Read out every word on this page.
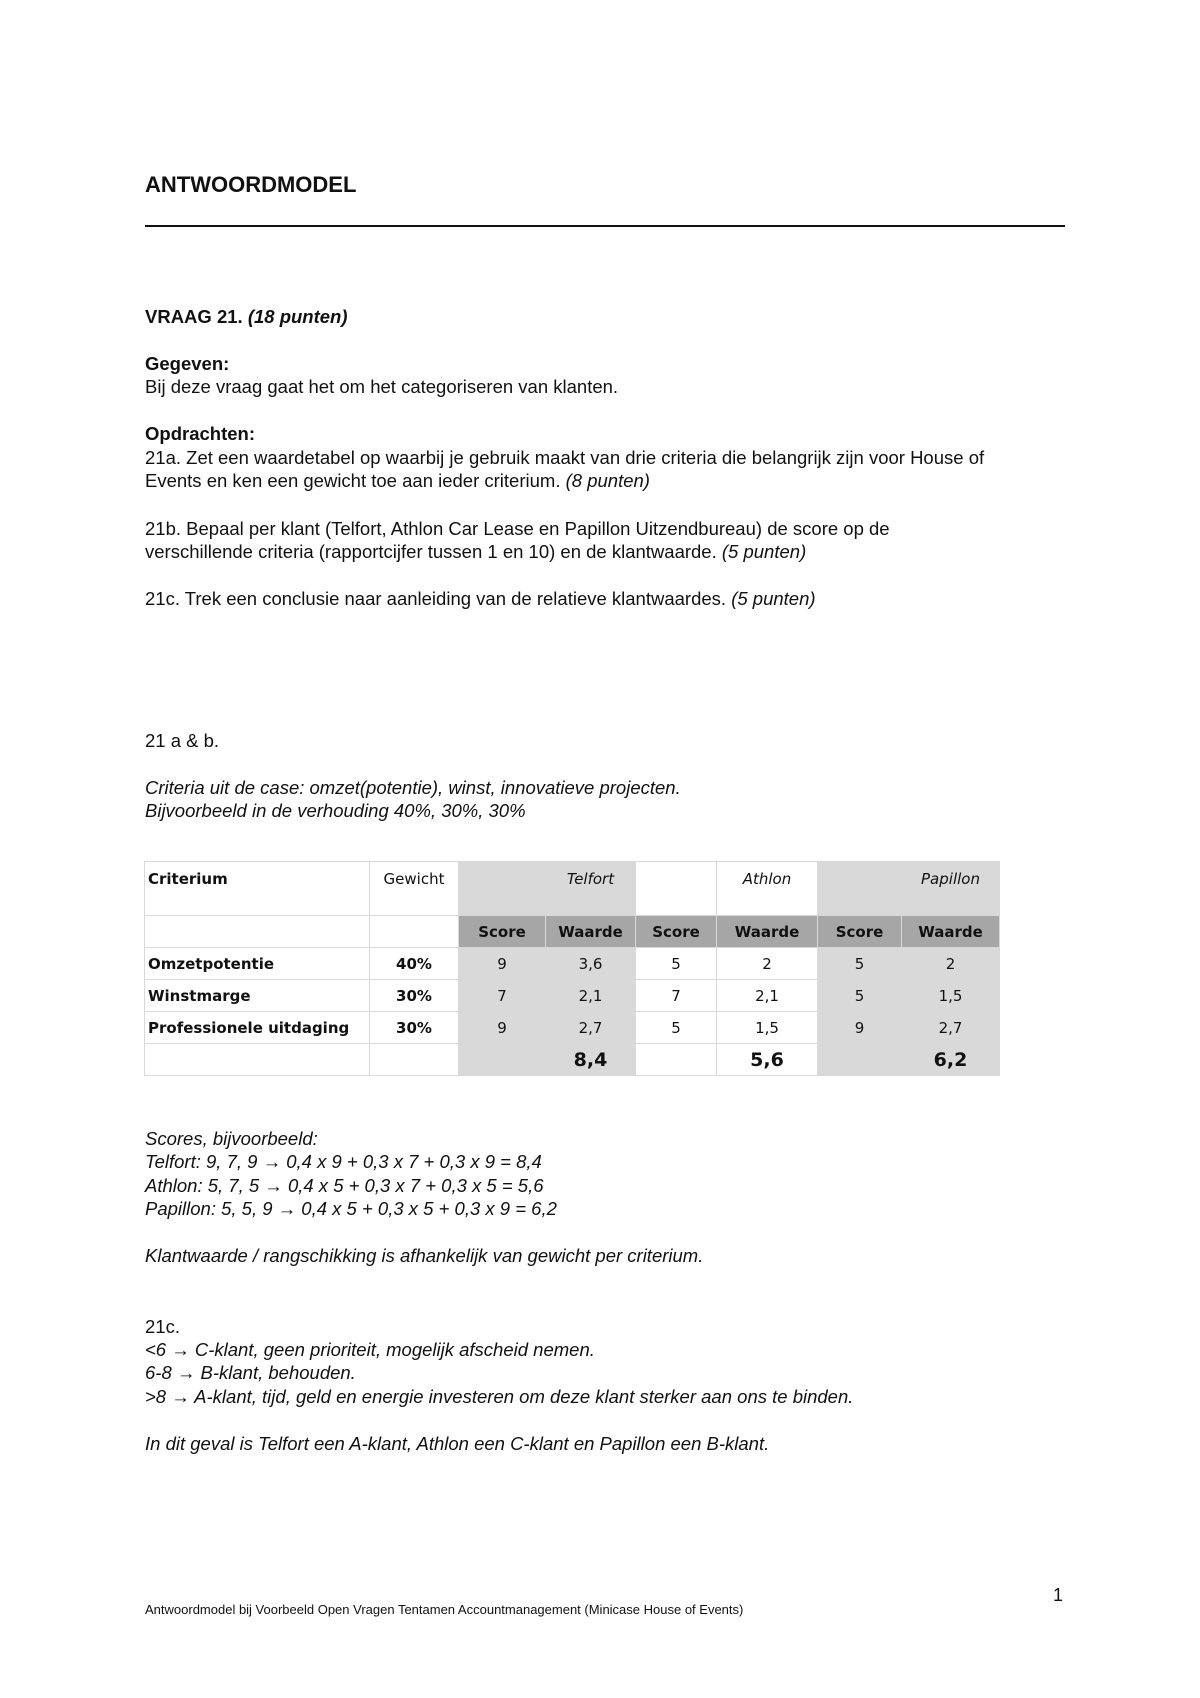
ANTWOORDMODEL
VRAAG 21. (18 punten)
Gegeven:
Bij deze vraag gaat het om het categoriseren van klanten.
Opdrachten:
21a. Zet een waardetabel op waarbij je gebruik maakt van drie criteria die belangrijk zijn voor House of
Events en ken een gewicht toe aan ieder criterium. (8 punten)
21b. Bepaal per klant (Telfort, Athlon Car Lease en Papillon Uitzendbureau) de score op de
verschillende criteria (rapportcijfer tussen 1 en 10) en de klantwaarde. (5 punten)
21c. Trek een conclusie naar aanleiding van de relatieve klantwaardes. (5 punten)
21 a & b.
Criteria uit de case: omzet(potentie), winst, innovatieve projecten.
Bijvoorbeeld in de verhouding 40%, 30%, 30%
Criterium	Gewicht		Telfort		Athlon		Papillon
		Score	Waarde	Score	Waarde	Score	Waarde
Omzetpotentie	40%	9	3,6	5	2	5	2
Winstmarge	30%	7	2,1	7	2,1	5	1,5
Professionele uitdaging	30%	9	2,7	5	1,5	9	2,7
			8,4		5,6		6,2
Scores, bijvoorbeeld:
Telfort: 9, 7, 9 → 0,4 x 9 + 0,3 x 7 + 0,3 x 9 = 8,4
Athlon: 5, 7, 5 → 0,4 x 5 + 0,3 x 7 + 0,3 x 5 = 5,6
Papillon: 5, 5, 9 → 0,4 x 5 + 0,3 x 5 + 0,3 x 9 = 6,2
Klantwaarde / rangschikking is afhankelijk van gewicht per criterium.
21c.
<6 → C-klant, geen prioriteit, mogelijk afscheid nemen.
6-8 → B-klant, behouden.
>8 → A-klant, tijd, geld en energie investeren om deze klant sterker aan ons te binden.
In dit geval is Telfort een A-klant, Athlon een C-klant en Papillon een B-klant.
1
Antwoordmodel bij Voorbeeld Open Vragen Tentamen Accountmanagement (Minicase House of Events)
